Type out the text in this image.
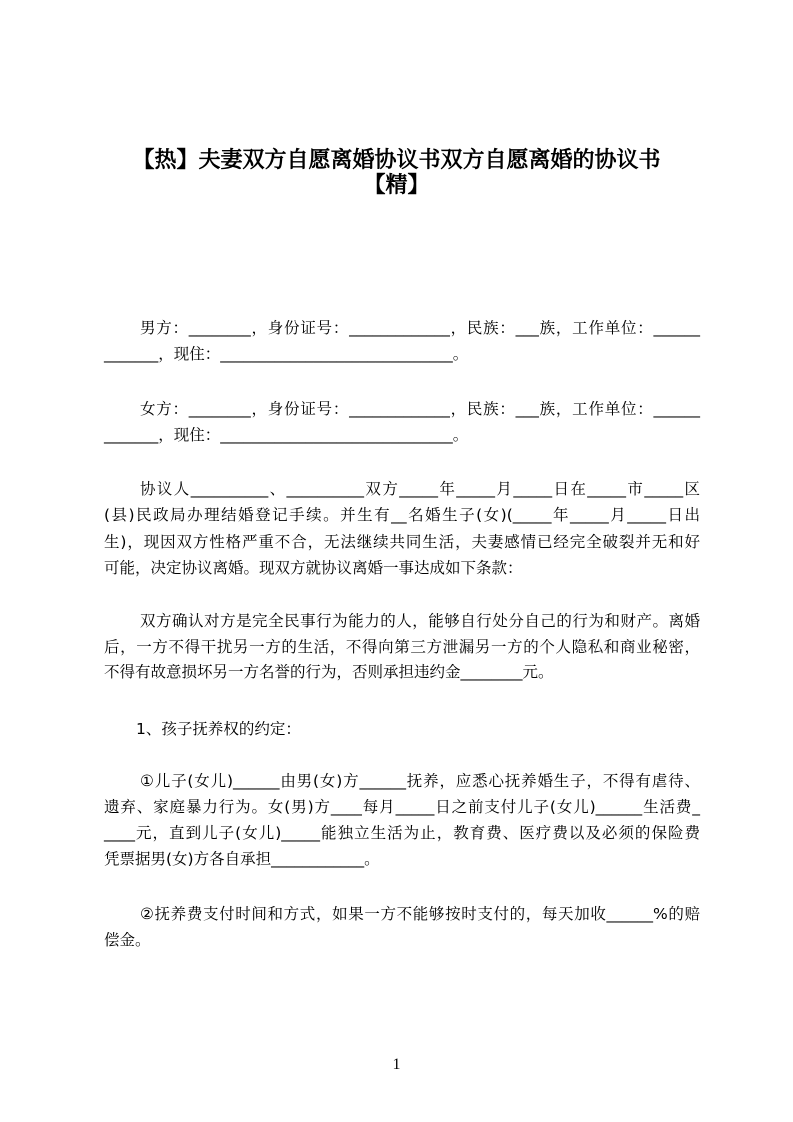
【热】夫妻双方自愿离婚协议书双方自愿离婚的协议书
【精】
男方：________，身份证号：_____________，民族：___族，工作单位：______
_______，现住：______________________________。
女方：________，身份证号：_____________，民族：___族，工作单位：______
_______，现住：______________________________。
协议人__________、__________双方_____年_____月_____日在_____市_____区
(县)民政局办理结婚登记手续。并生有__名婚生子(女)(_____年_____月_____日出
生)，现因双方性格严重不合，无法继续共同生活，夫妻感情已经完全破裂并无和好
可能，决定协议离婚。现双方就协议离婚一事达成如下条款：
双方确认对方是完全民事行为能力的人，能够自行处分自己的行为和财产。离婚
后，一方不得干扰另一方的生活，不得向第三方泄漏另一方的个人隐私和商业秘密，
不得有故意损坏另一方名誉的行为，否则承担违约金________元。
1、孩子抚养权的约定：
①儿子(女儿)______由男(女)方______抚养，应悉心抚养婚生子，不得有虐待、
遗弃、家庭暴力行为。女(男)方____每月_____日之前支付儿子(女儿)______生活费_
____元，直到儿子(女儿)_____能独立生活为止，教育费、医疗费以及必须的保险费
凭票据男(女)方各自承担____________。
②抚养费支付时间和方式，如果一方不能够按时支付的，每天加收______%的赔
偿金。
1
